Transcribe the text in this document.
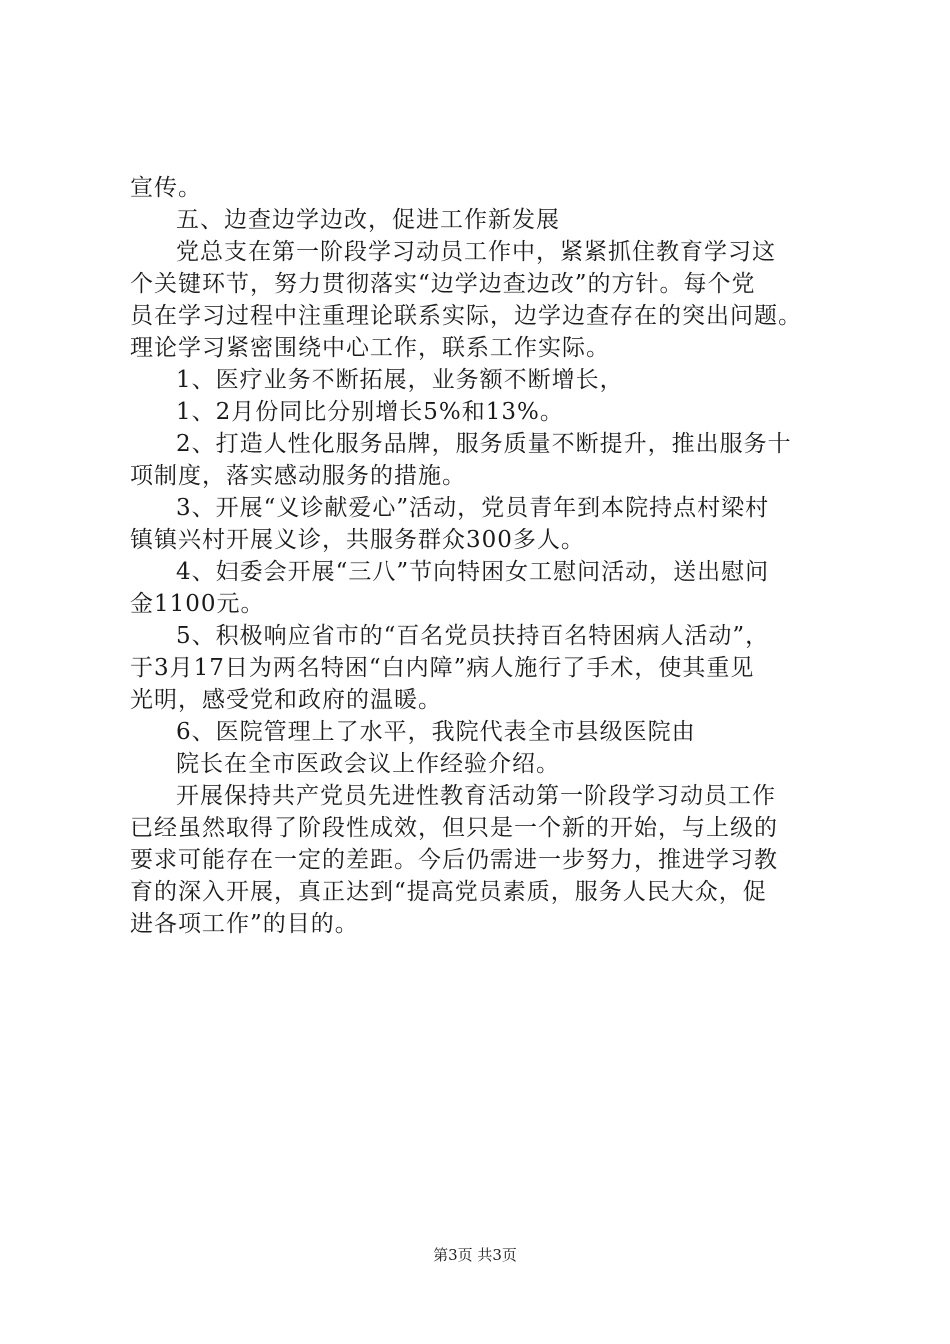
宣传。
五、边查边学边改，促进工作新发展
党总支在第一阶段学习动员工作中，紧紧抓住教育学习这
个关键环节，努力贯彻落实“边学边查边改”的方针。每个党
员在学习过程中注重理论联系实际，边学边查存在的突出问题。
理论学习紧密围绕中心工作，联系工作实际。
1、医疗业务不断拓展，业务额不断增长，
1、2月份同比分别增长5%和13%。
2、打造人性化服务品牌，服务质量不断提升，推出服务十
项制度，落实感动服务的措施。
3、开展“义诊献爱心”活动，党员青年到本院持点村梁村
镇镇兴村开展义诊，共服务群众300多人。
4、妇委会开展“三八”节向特困女工慰问活动，送出慰问
金1100元。
5、积极响应省市的“百名党员扶持百名特困病人活动”，
于3月17日为两名特困“白内障”病人施行了手术，使其重见
光明，感受党和政府的温暖。
6、医院管理上了水平，我院代表全市县级医院由
院长在全市医政会议上作经验介绍。
开展保持共产党员先进性教育活动第一阶段学习动员工作
已经虽然取得了阶段性成效，但只是一个新的开始，与上级的
要求可能存在一定的差距。今后仍需进一步努力，推进学习教
育的深入开展，真正达到“提高党员素质，服务人民大众，促
进各项工作”的目的。
第3页 共3页
